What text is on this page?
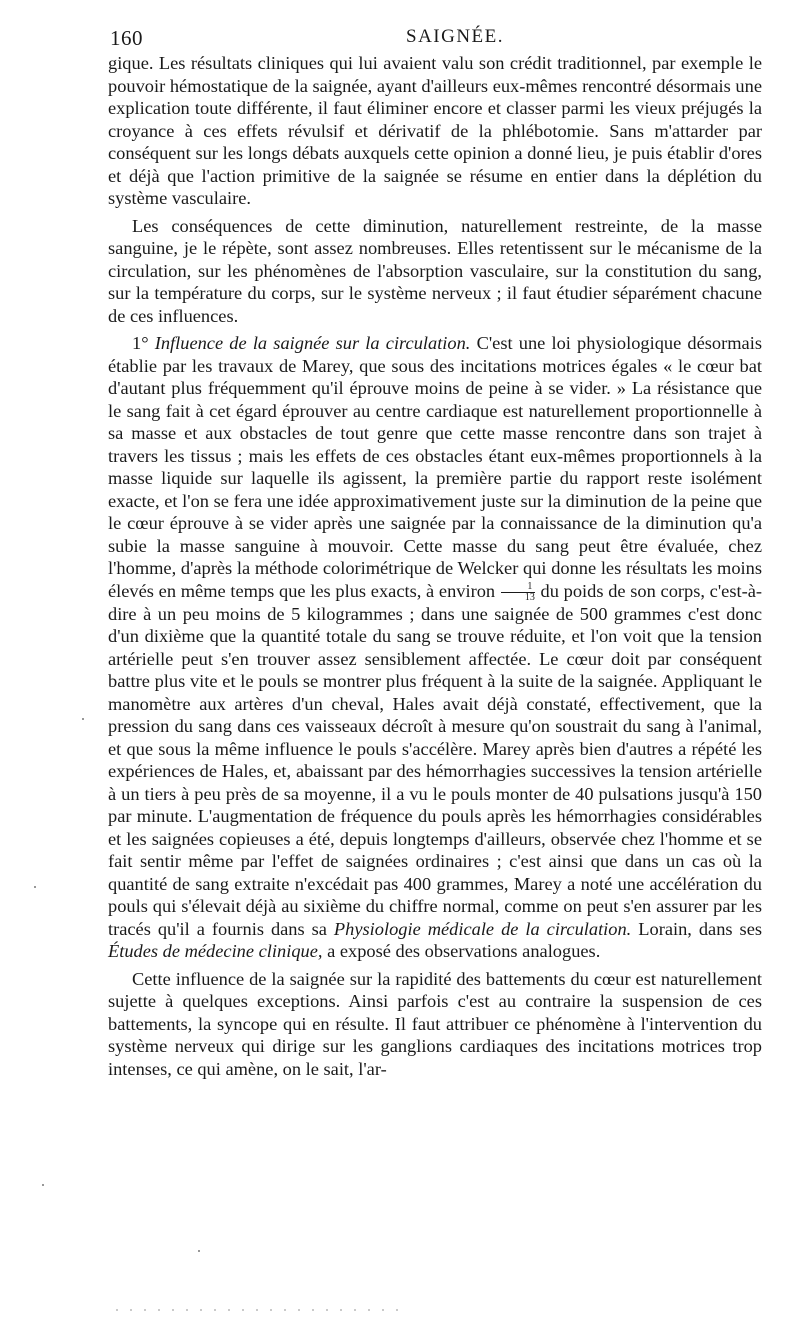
160	SAIGNÉE.

gique. Les résultats cliniques qui lui avaient valu son crédit traditionnel, par exemple le pouvoir hémostatique de la saignée, ayant d'ailleurs eux-mêmes rencontré désormais une explication toute différente, il faut éliminer encore et classer parmi les vieux préjugés la croyance à ces effets révulsif et dérivatif de la phlébotomie. Sans m'attarder par conséquent sur les longs débats auxquels cette opinion a donné lieu, je puis établir d'ores et déjà que l'action primitive de la saignée se résume en entier dans la déplétion du système vasculaire.

Les conséquences de cette diminution, naturellement restreinte, de la masse sanguine, je le répète, sont assez nombreuses. Elles retentissent sur le mécanisme de la circulation, sur les phénomènes de l'absorption vasculaire, sur la constitution du sang, sur la température du corps, sur le système nerveux ; il faut étudier séparément chacune de ces influences.

1° Influence de la saignée sur la circulation. C'est une loi physiologique désormais établie par les travaux de Marey, que sous des incitations motrices égales « le cœur bat d'autant plus fréquemment qu'il éprouve moins de peine à se vider. » La résistance que le sang fait à cet égard éprouver au centre cardiaque est naturellement proportionnelle à sa masse et aux obstacles de tout genre que cette masse rencontre dans son trajet à travers les tissus ; mais les effets de ces obstacles étant eux-mêmes proportionnels à la masse liquide sur laquelle ils agissent, la première partie du rapport reste isolément exacte, et l'on se fera une idée approximativement juste sur la diminution de la peine que le cœur éprouve à se vider après une saignée par la connaissance de la diminution qu'a subie la masse sanguine à mouvoir. Cette masse du sang peut être évaluée, chez l'homme, d'après la méthode colorimétrique de Welcker qui donne les résultats les moins élevés en même temps que les plus exacts, à environ $\frac{1}{13}$ du poids de son corps, c'est-à-dire à un peu moins de 5 kilogrammes ; dans une saignée de 500 grammes c'est donc d'un dixième que la quantité totale du sang se trouve réduite, et l'on voit que la tension artérielle peut s'en trouver assez sensiblement affectée. Le cœur doit par conséquent battre plus vite et le pouls se montrer plus fréquent à la suite de la saignée. Appliquant le manomètre aux artères d'un cheval, Hales avait déjà constaté, effectivement, que la pression du sang dans ces vaisseaux décroît à mesure qu'on soustrait du sang à l'animal, et que sous la même influence le pouls s'accélère. Marey après bien d'autres a répété les expériences de Hales, et, abaissant par des hémorrhagies successives la tension artérielle à un tiers à peu près de sa moyenne, il a vu le pouls monter de 40 pulsations jusqu'à 150 par minute. L'augmentation de fréquence du pouls après les hémorrhagies considérables et les saignées copieuses a été, depuis longtemps d'ailleurs, observée chez l'homme et se fait sentir même par l'effet de saignées ordinaires ; c'est ainsi que dans un cas où la quantité de sang extraite n'excédait pas 400 grammes, Marey a noté une accélération du pouls qui s'élevait déjà au sixième du chiffre normal, comme on peut s'en assurer par les tracés qu'il a fournis dans sa Physiologie médicale de la circulation. Lorain, dans ses Études de médecine clinique, a exposé des observations analogues.

Cette influence de la saignée sur la rapidité des battements du cœur est naturellement sujette à quelques exceptions. Ainsi parfois c'est au contraire la suspension de ces battements, la syncope qui en résulte. Il faut attribuer ce phénomène à l'intervention du système nerveux qui dirige sur les ganglions cardiaques des incitations motrices trop intenses, ce qui amène, on le sait, l'ar-
